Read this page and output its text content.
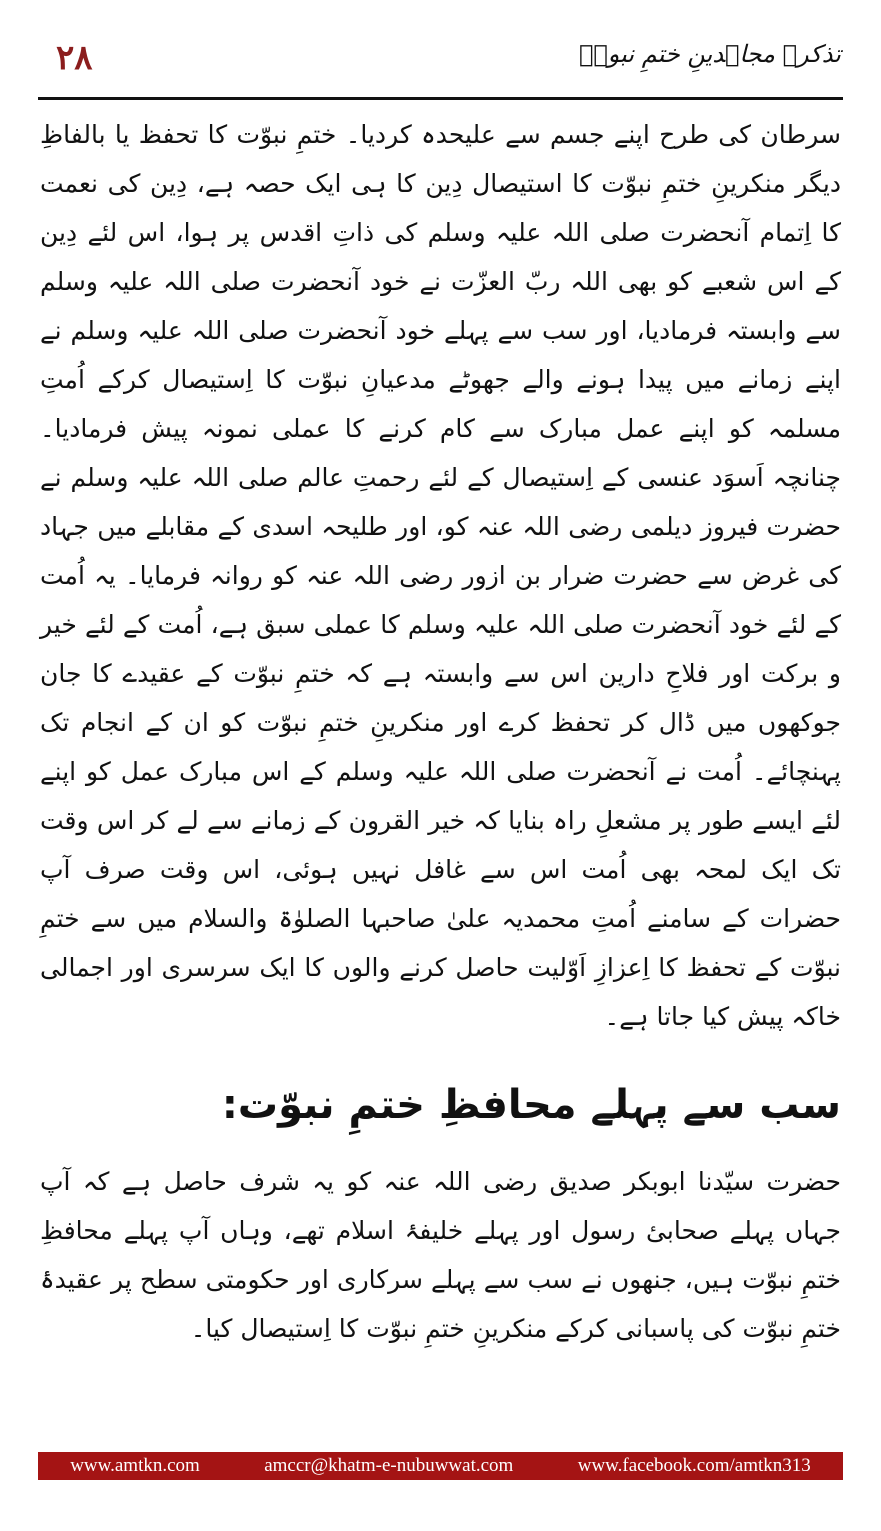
۲۸	تذکرہ مجاہدینِ ختمِ نبوتؐ

سرطان کی طرح اپنے جسم سے علیحدہ کردیا۔ ختمِ نبوّت کا تحفظ یا بالفاظِ دیگر منکرینِ ختمِ نبوّت کا استیصال دِین کا ہی ایک حصہ ہے، دِین کی نعمت کا اِتمام آنحضرت صلی اللہ علیہ وسلم کی ذاتِ اقدس پر ہوا، اس لئے دِین کے اس شعبے کو بھی اللہ ربّ العزّت نے خود آنحضرت صلی اللہ علیہ وسلم سے وابستہ فرمادیا، اور سب سے پہلے خود آنحضرت صلی اللہ علیہ وسلم نے اپنے زمانے میں پیدا ہونے والے جھوٹے مدعیانِ نبوّت کا اِستیصال کرکے اُمتِ مسلمہ کو اپنے عمل مبارک سے کام کرنے کا عملی نمونہ پیش فرمادیا۔ چنانچہ اَسوَد عنسی کے اِستیصال کے لئے رحمتِ عالم صلی اللہ علیہ وسلم نے حضرت فیروز دیلمی رضی اللہ عنہ کو، اور طلیحہ اسدی کے مقابلے میں جہاد کی غرض سے حضرت ضرار بن ازور رضی اللہ عنہ کو روانہ فرمایا۔ یہ اُمت کے لئے خود آنحضرت صلی اللہ علیہ وسلم کا عملی سبق ہے، اُمت کے لئے خیر و برکت اور فلاحِ دارین اس سے وابستہ ہے کہ ختمِ نبوّت کے عقیدے کا جان جوکھوں میں ڈال کر تحفظ کرے اور منکرینِ ختمِ نبوّت کو ان کے انجام تک پہنچائے۔ اُمت نے آنحضرت صلی اللہ علیہ وسلم کے اس مبارک عمل کو اپنے لئے ایسے طور پر مشعلِ راہ بنایا کہ خیر القرون کے زمانے سے لے کر اس وقت تک ایک لمحہ بھی اُمت اس سے غافل نہیں ہوئی، اس وقت صرف آپ حضرات کے سامنے اُمتِ محمدیہ علیٰ صاحبہا الصلوٰۃ والسلام میں سے ختمِ نبوّت کے تحفظ کا اِعزازِ اَوّلیت حاصل کرنے والوں کا ایک سرسری اور اجمالی خاکہ پیش کیا جاتا ہے۔

سب سے پہلے محافظِ ختمِ نبوّت:

حضرت سیّدنا ابوبکر صدیق رضی اللہ عنہ کو یہ شرف حاصل ہے کہ آپ جہاں پہلے صحابیٔ رسول اور پہلے خلیفۂ اسلام تھے، وہاں آپ پہلے محافظِ ختمِ نبوّت ہیں، جنھوں نے سب سے پہلے سرکاری اور حکومتی سطح پر عقیدۂ ختمِ نبوّت کی پاسبانی کرکے منکرینِ ختمِ نبوّت کا اِستیصال کیا۔

www.amtkn.com	amccr@khatm-e-nubuwwat.com	www.facebook.com/amtkn313
